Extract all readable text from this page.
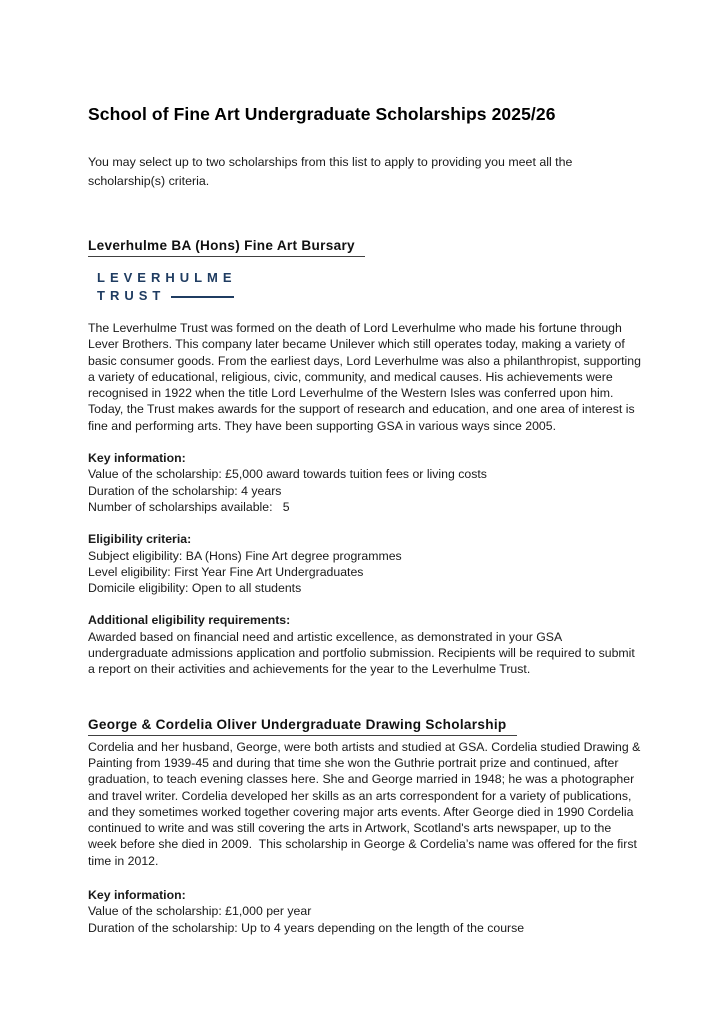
School of Fine Art Undergraduate Scholarships 2025/26

You may select up to two scholarships from this list to apply to providing you meet all the scholarship(s) criteria.

Leverhulme BA (Hons) Fine Art Bursary
LEVERHULME
TRUST

The Leverhulme Trust was formed on the death of Lord Leverhulme who made his fortune through Lever Brothers. This company later became Unilever which still operates today, making a variety of basic consumer goods. From the earliest days, Lord Leverhulme was also a philanthropist, supporting a variety of educational, religious, civic, community, and medical causes. His achievements were recognised in 1922 when the title Lord Leverhulme of the Western Isles was conferred upon him. Today, the Trust makes awards for the support of research and education, and one area of interest is fine and performing arts. They have been supporting GSA in various ways since 2005.

Key information:

Value of the scholarship: £5,000 award towards tuition fees or living costs

Duration of the scholarship: 4 years

Number of scholarships available:   5

Eligibility criteria:

Subject eligibility: BA (Hons) Fine Art degree programmes

Level eligibility: First Year Fine Art Undergraduates

Domicile eligibility: Open to all students

Additional eligibility requirements:

Awarded based on financial need and artistic excellence, as demonstrated in your GSA undergraduate admissions application and portfolio submission. Recipients will be required to submit a report on their activities and achievements for the year to the Leverhulme Trust.

George & Cordelia Oliver Undergraduate Drawing Scholarship

Cordelia and her husband, George, were both artists and studied at GSA. Cordelia studied Drawing & Painting from 1939-45 and during that time she won the Guthrie portrait prize and continued, after graduation, to teach evening classes here. She and George married in 1948; he was a photographer and travel writer. Cordelia developed her skills as an arts correspondent for a variety of publications, and they sometimes worked together covering major arts events. After George died in 1990 Cordelia continued to write and was still covering the arts in Artwork, Scotland's arts newspaper, up to the week before she died in 2009.  This scholarship in George & Cordelia’s name was offered for the first time in 2012.

Key information:

Value of the scholarship: £1,000 per year

Duration of the scholarship: Up to 4 years depending on the length of the course
